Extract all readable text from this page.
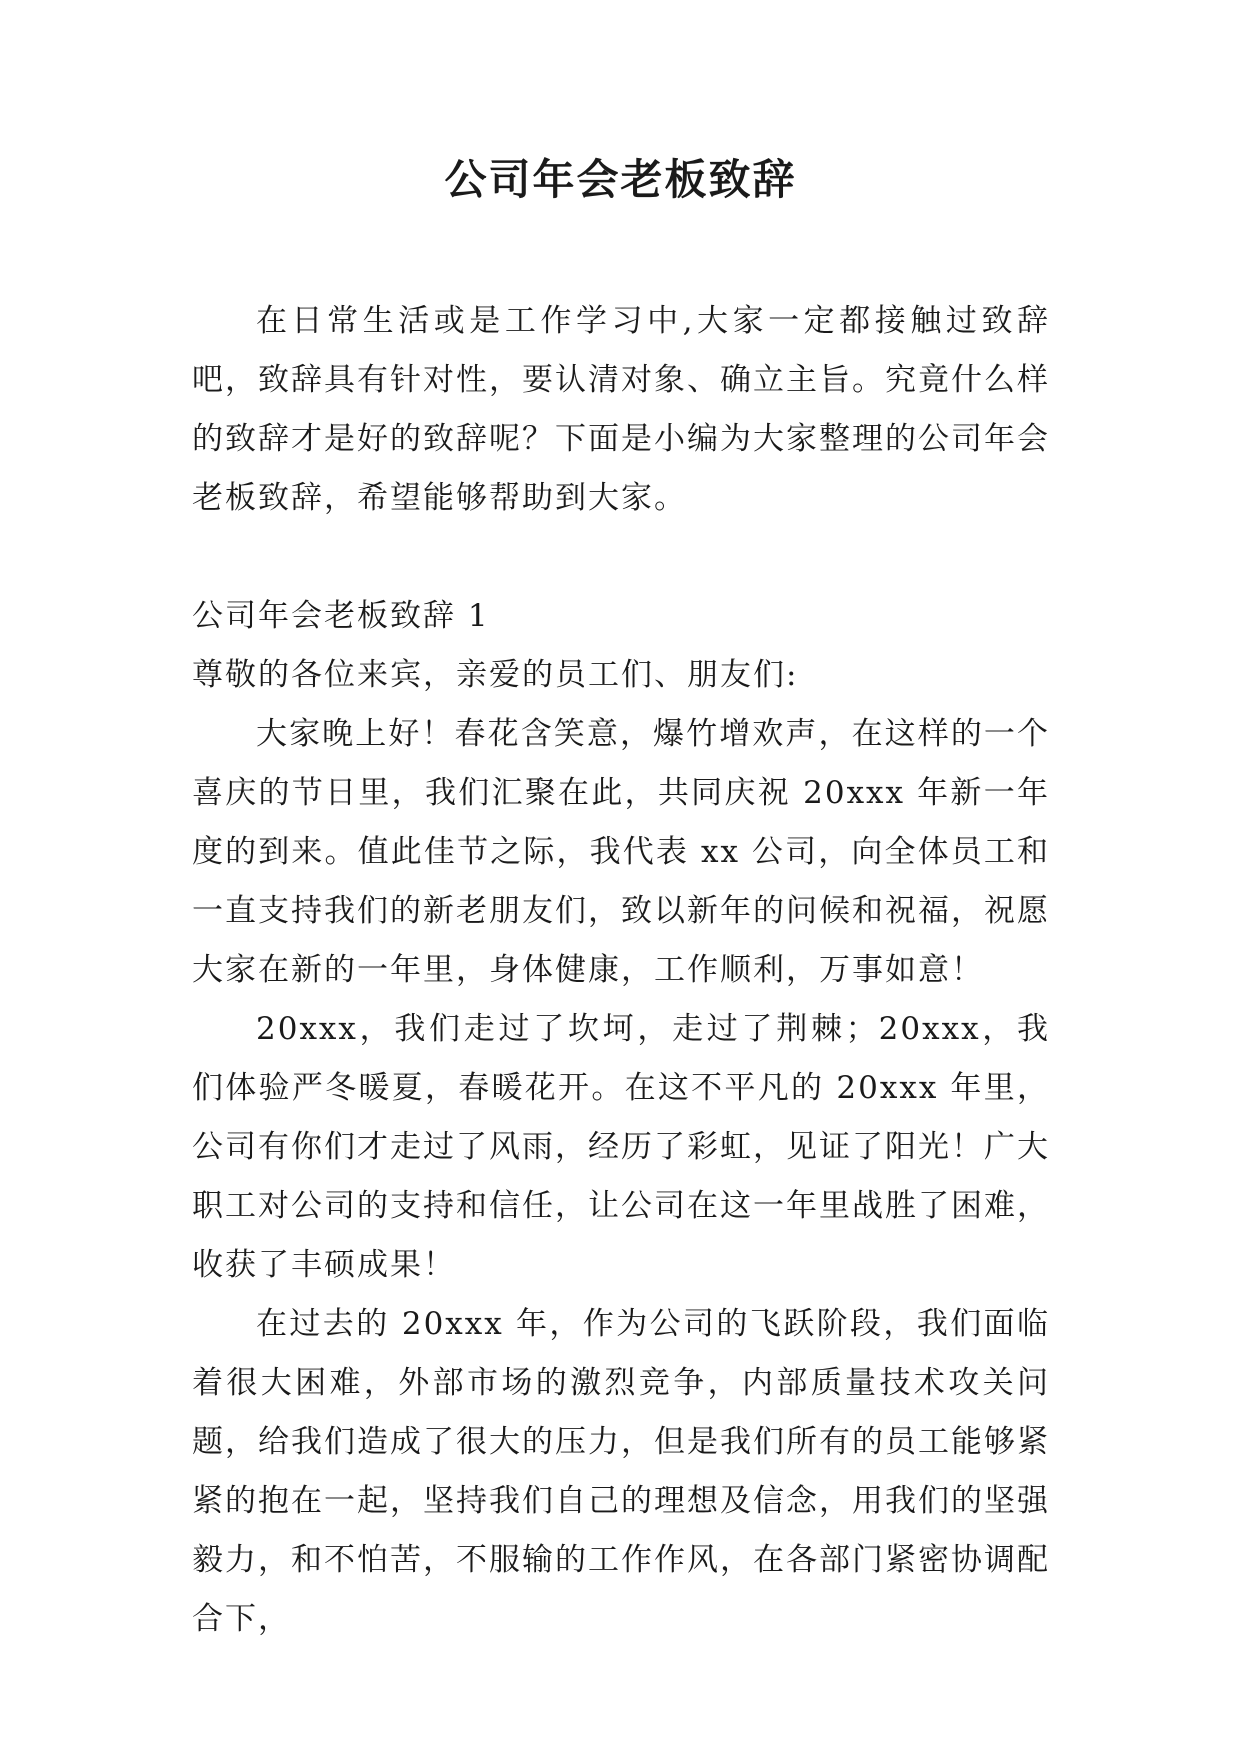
公司年会老板致辞

在日常生活或是工作学习中,大家一定都接触过致辞吧，致辞具有针对性，要认清对象、确立主旨。究竟什么样的致辞才是好的致辞呢？下面是小编为大家整理的公司年会老板致辞，希望能够帮助到大家。

公司年会老板致辞 1

尊敬的各位来宾，亲爱的员工们、朋友们:

大家晚上好！春花含笑意，爆竹增欢声，在这样的一个喜庆的节日里，我们汇聚在此，共同庆祝 20xxx 年新一年度的到来。值此佳节之际，我代表 xx 公司，向全体员工和一直支持我们的新老朋友们，致以新年的问候和祝福，祝愿大家在新的一年里，身体健康，工作顺利，万事如意！

20xxx，我们走过了坎坷，走过了荆棘；20xxx，我们体验严冬暖夏，春暖花开。在这不平凡的 20xxx 年里，公司有你们才走过了风雨，经历了彩虹，见证了阳光！广大职工对公司的支持和信任，让公司在这一年里战胜了困难，收获了丰硕成果！

在过去的 20xxx 年，作为公司的飞跃阶段，我们面临着很大困难，外部市场的激烈竞争，内部质量技术攻关问题，给我们造成了很大的压力，但是我们所有的员工能够紧紧的抱在一起，坚持我们自己的理想及信念，用我们的坚强毅力，和不怕苦，不服输的工作作风，在各部门紧密协调配合下，
